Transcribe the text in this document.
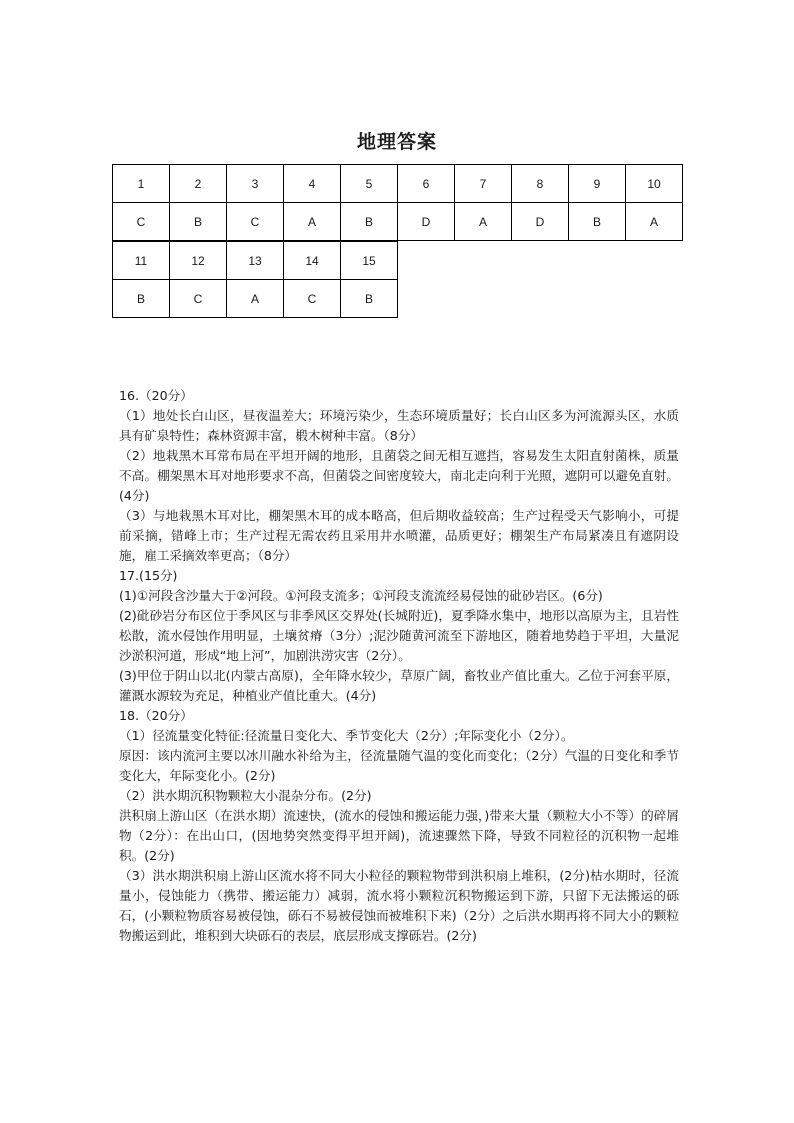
地理答案
1	2	3	4	5	6	7	8	9	10
C	B	C	A	B	D	A	D	B	A
11	12	13	14	15
B	C	A	C	B

16.（20分）

（1）地处长白山区，昼夜温差大；环境污染少，生态环境质量好；长白山区多为河流源头区，水质具有矿泉特性；森林资源丰富，椴木树种丰富。（8分）

（2）地栽黑木耳常布局在平坦开阔的地形，且菌袋之间无相互遮挡，容易发生太阳直射菌株，质量不高。棚架黑木耳对地形要求不高，但菌袋之间密度较大，南北走向利于光照，遮阴可以避免直射。(4分)

（3）与地栽黑木耳对比，棚架黑木耳的成本略高，但后期收益较高；生产过程受天气影响小，可提前采摘，错峰上市；生产过程无需农药且采用井水喷灌，品质更好；棚架生产布局紧凑且有遮阴设施，雇工采摘效率更高；（8分）

17.(15分)

(1)①河段含沙量大于②河段。①河段支流多；①河段支流流经易侵蚀的砒砂岩区。(6分)

(2)砒砂岩分布区位于季风区与非季风区交界处(长城附近)，夏季降水集中，地形以高原为主，且岩性松散，流水侵蚀作用明显，土壤贫瘠（3分）;泥沙随黄河流至下游地区，随着地势趋于平坦，大量泥沙淤积河道，形成“地上河”，加剧洪涝灾害（2分）。

(3)甲位于阴山以北(内蒙古高原)，全年降水较少，草原广阔，畜牧业产值比重大。乙位于河套平原，灌溉水源较为充足，种植业产值比重大。(4分)

18.（20分）

（1）径流量变化特征:径流量日变化大、季节变化大（2分）;年际变化小（2分）。

原因：该内流河主要以冰川融水补给为主，径流量随气温的变化而变化；（2分）气温的日变化和季节变化大，年际变化小。(2分)

（2）洪水期沉积物颗粒大小混杂分布。(2分)

洪积扇上游山区（在洪水期）流速快，(流水的侵蚀和搬运能力强，)带来大量（颗粒大小不等）的碎屑物（2分）：在出山口，(因地势突然变得平坦开阔)，流速骤然下降，导致不同粒径的沉积物一起堆积。(2分)

（3）洪水期洪积扇上游山区流水将不同大小粒径的颗粒物带到洪积扇上堆积，(2分)枯水期时，径流量小，侵蚀能力（携带、搬运能力）减弱，流水将小颗粒沉积物搬运到下游，只留下无法搬运的砾石，(小颗粒物质容易被侵蚀，砾石不易被侵蚀而被堆积下来)（2分）之后洪水期再将不同大小的颗粒物搬运到此，堆积到大块砾石的表层，底层形成支撑砾岩。(2分)
